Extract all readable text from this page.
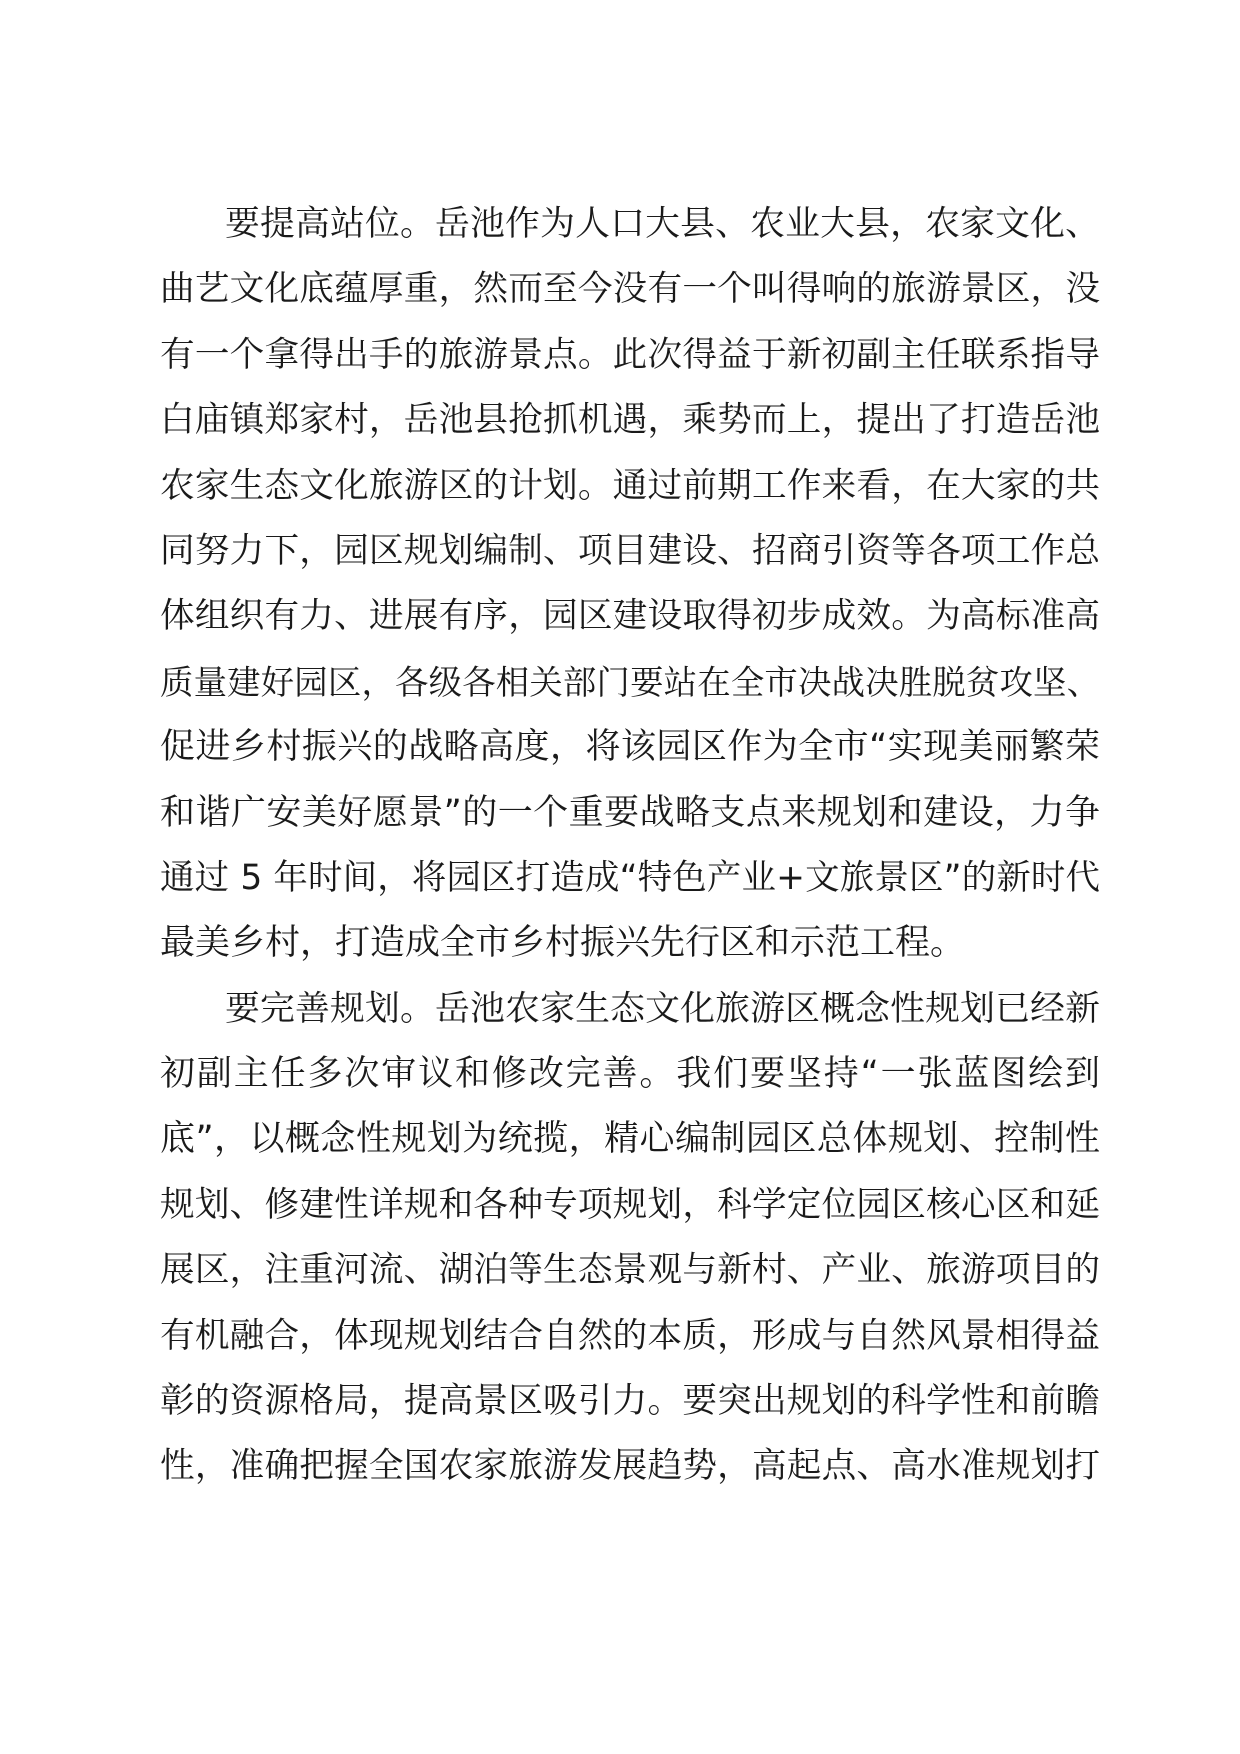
要提高站位。岳池作为人口大县、农业大县，农家文化、
曲艺文化底蕴厚重，然而至今没有一个叫得响的旅游景区，没
有一个拿得出手的旅游景点。此次得益于新初副主任联系指导
白庙镇郑家村，岳池县抢抓机遇，乘势而上，提出了打造岳池
农家生态文化旅游区的计划。通过前期工作来看，在大家的共
同努力下，园区规划编制、项目建设、招商引资等各项工作总
体组织有力、进展有序，园区建设取得初步成效。为高标准高
质量建好园区，各级各相关部门要站在全市决战决胜脱贫攻坚、
促进乡村振兴的战略高度，将该园区作为全市“实现美丽繁荣
和谐广安美好愿景”的一个重要战略支点来规划和建设，力争
通过 5 年时间，将园区打造成“特色产业+文旅景区”的新时代
最美乡村，打造成全市乡村振兴先行区和示范工程。
要完善规划。岳池农家生态文化旅游区概念性规划已经新
初副主任多次审议和修改完善。我们要坚持“一张蓝图绘到
底”，以概念性规划为统揽，精心编制园区总体规划、控制性
规划、修建性详规和各种专项规划，科学定位园区核心区和延
展区，注重河流、湖泊等生态景观与新村、产业、旅游项目的
有机融合，体现规划结合自然的本质，形成与自然风景相得益
彰的资源格局，提高景区吸引力。要突出规划的科学性和前瞻
性，准确把握全国农家旅游发展趋势，高起点、高水准规划打
